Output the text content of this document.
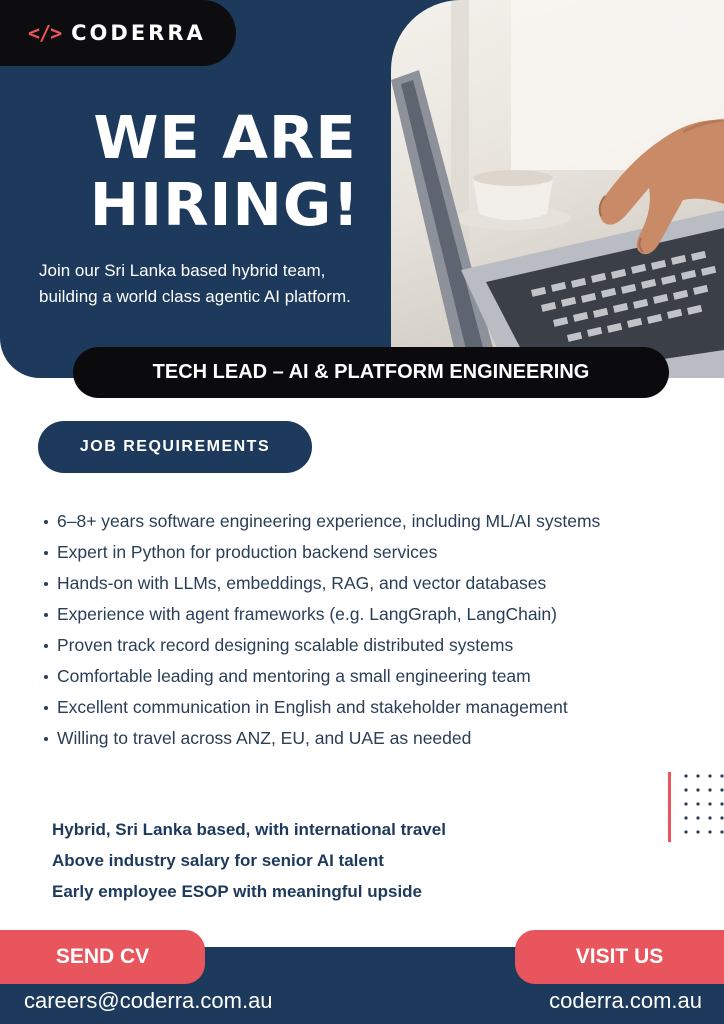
</> CODERRA
WE ARE
HIRING!

Join our Sri Lanka based hybrid team, building a world class agentic AI platform.

TECH LEAD – AI & PLATFORM ENGINEERING
JOB REQUIREMENTS
6–8+ years software engineering experience, including ML/AI systems
Expert in Python for production backend services
Hands-on with LLMs, embeddings, RAG, and vector databases
Experience with agent frameworks (e.g. LangGraph, LangChain)
Proven track record designing scalable distributed systems
Comfortable leading and mentoring a small engineering team
Excellent communication in English and stakeholder management
Willing to travel across ANZ, EU, and UAE as needed
Hybrid, Sri Lanka based, with international travel
Above industry salary for senior AI talent
Early employee ESOP with meaningful upside
SEND CV	VISIT US
careers@coderra.com.au	coderra.com.au
